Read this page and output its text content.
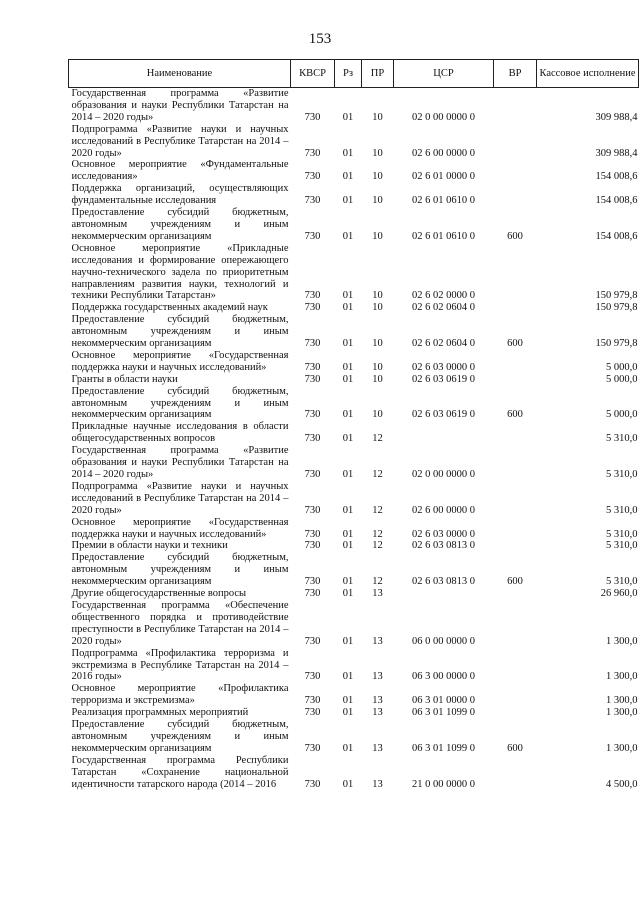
153
Наименование	КВСР	Рз	ПР	ЦСР	ВР	Кассовое исполнение
Государственная программа «Развитие образования и науки Республики Татарстан на 2014 – 2020 годы»	730	01	10	02 0 00 0000 0		309 988,4
Подпрограмма «Развитие науки и научных исследований в Республике Татарстан на 2014 – 2020 годы»	730	01	10	02 6 00 0000 0		309 988,4
Основное мероприятие «Фундаментальные исследования»	730	01	10	02 6 01 0000 0		154 008,6
Поддержка организаций, осуществляющих фундаментальные исследования	730	01	10	02 6 01 0610 0		154 008,6
Предоставление субсидий бюджетным, автономным учреждениям и иным некоммерческим организациям	730	01	10	02 6 01 0610 0	600	154 008,6
Основное мероприятие «Прикладные исследования и формирование опережающего научно-технического задела по приоритетным направлениям развития науки, технологий и техники Республики Татарстан»	730	01	10	02 6 02 0000 0		150 979,8
Поддержка государственных академий наук	730	01	10	02 6 02 0604 0		150 979,8
Предоставление субсидий бюджетным, автономным учреждениям и иным некоммерческим организациям	730	01	10	02 6 02 0604 0	600	150 979,8
Основное мероприятие «Государственная поддержка науки и научных исследований»	730	01	10	02 6 03 0000 0		5 000,0
Гранты в области науки	730	01	10	02 6 03 0619 0		5 000,0
Предоставление субсидий бюджетным, автономным учреждениям и иным некоммерческим организациям	730	01	10	02 6 03 0619 0	600	5 000,0
Прикладные научные исследования в области общегосударственных вопросов	730	01	12			5 310,0
Государственная программа «Развитие образования и науки Республики Татарстан на 2014 – 2020 годы»	730	01	12	02 0 00 0000 0		5 310,0
Подпрограмма «Развитие науки и научных исследований в Республике Татарстан на 2014 – 2020 годы»	730	01	12	02 6 00 0000 0		5 310,0
Основное мероприятие «Государственная поддержка науки и научных исследований»	730	01	12	02 6 03 0000 0		5 310,0
Премии в области науки и техники	730	01	12	02 6 03 0813 0		5 310,0
Предоставление субсидий бюджетным, автономным учреждениям и иным некоммерческим организациям	730	01	12	02 6 03 0813 0	600	5 310,0
Другие общегосударственные вопросы	730	01	13			26 960,0
Государственная программа «Обеспечение общественного порядка и противодействие преступности в Республике Татарстан на 2014 – 2020 годы»	730	01	13	06 0 00 0000 0		1 300,0
Подпрограмма «Профилактика терроризма и экстремизма в Республике Татарстан на 2014 – 2016 годы»	730	01	13	06 3 00 0000 0		1 300,0
Основное мероприятие «Профилактика терроризма и экстремизма»	730	01	13	06 3 01 0000 0		1 300,0
Реализация программных мероприятий	730	01	13	06 3 01 1099 0		1 300,0
Предоставление субсидий бюджетным, автономным учреждениям и иным некоммерческим организациям	730	01	13	06 3 01 1099 0	600	1 300,0
Государственная программа Республики Татарстан «Сохранение национальной идентичности татарского народа (2014 – 2016	730	01	13	21 0 00 0000 0		4 500,0
